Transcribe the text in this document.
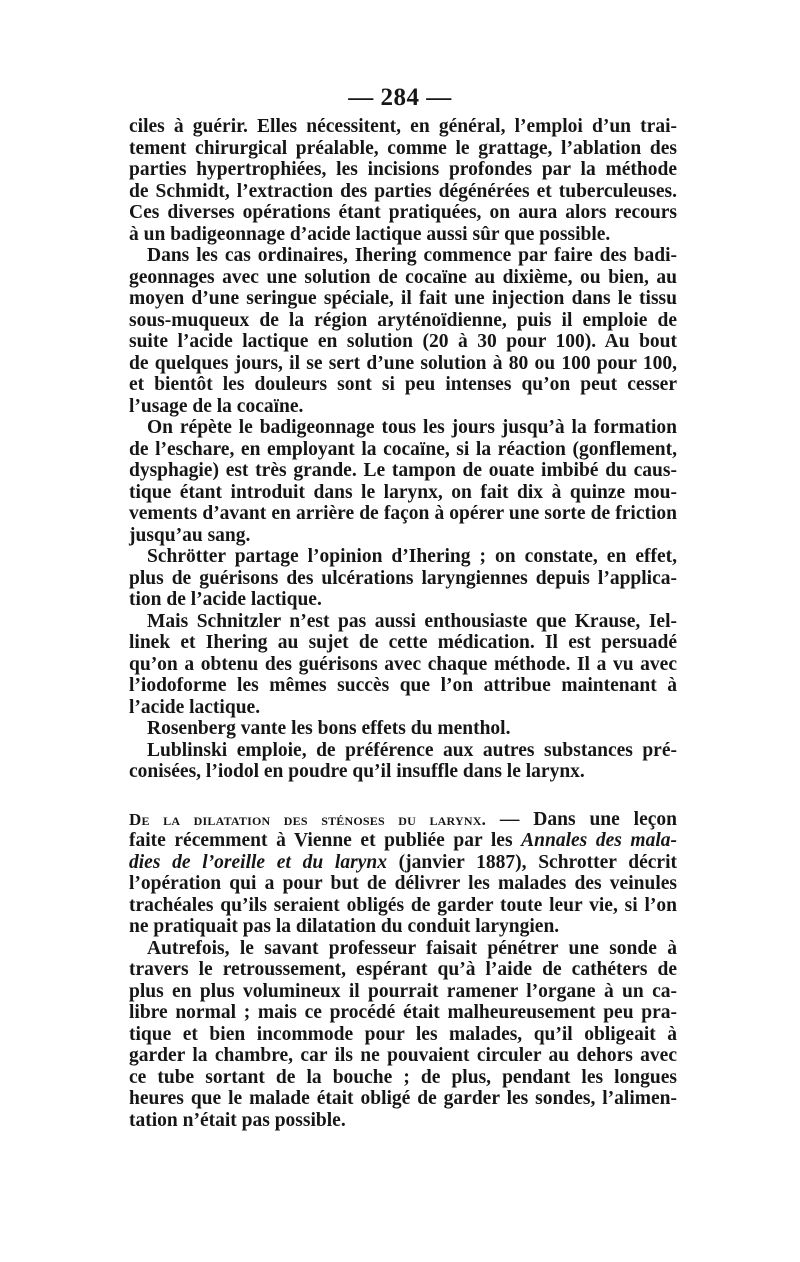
— 284 —
ciles à guérir. Elles nécessitent, en général, l’emploi d’un trai-
tement chirurgical préalable, comme le grattage, l’ablation des
parties hypertrophiées, les incisions profondes par la méthode
de Schmidt, l’extraction des parties dégénérées et tuberculeuses.
Ces diverses opérations étant pratiquées, on aura alors recours
à un badigeonnage d’acide lactique aussi sûr que possible.
Dans les cas ordinaires, Ihering commence par faire des badi-
geonnages avec une solution de cocaïne au dixième, ou bien, au
moyen d’une seringue spéciale, il fait une injection dans le tissu
sous-muqueux de la région aryténoïdienne, puis il emploie de
suite l’acide lactique en solution (20 à 30 pour 100). Au bout
de quelques jours, il se sert d’une solution à 80 ou 100 pour 100,
et bientôt les douleurs sont si peu intenses qu’on peut cesser
l’usage de la cocaïne.
On répète le badigeonnage tous les jours jusqu’à la formation
de l’eschare, en employant la cocaïne, si la réaction (gonflement,
dysphagie) est très grande. Le tampon de ouate imbibé du caus-
tique étant introduit dans le larynx, on fait dix à quinze mou-
vements d’avant en arrière de façon à opérer une sorte de friction
jusqu’au sang.
Schrötter partage l’opinion d’Ihering ; on constate, en effet,
plus de guérisons des ulcérations laryngiennes depuis l’applica-
tion de l’acide lactique.
Mais Schnitzler n’est pas aussi enthousiaste que Krause, Iel-
linek et Ihering au sujet de cette médication. Il est persuadé
qu’on a obtenu des guérisons avec chaque méthode. Il a vu avec
l’iodoforme les mêmes succès que l’on attribue maintenant à
l’acide lactique.
Rosenberg vante les bons effets du menthol.
Lublinski emploie, de préférence aux autres substances pré-
conisées, l’iodol en poudre qu’il insuffle dans le larynx.
De la dilatation des sténoses du larynx. — Dans une leçon
faite récemment à Vienne et publiée par les Annales des mala-
dies de l’oreille et du larynx (janvier 1887), Schrotter décrit
l’opération qui a pour but de délivrer les malades des veinules
trachéales qu’ils seraient obligés de garder toute leur vie, si l’on
ne pratiquait pas la dilatation du conduit laryngien.
Autrefois, le savant professeur faisait pénétrer une sonde à
travers le retroussement, espérant qu’à l’aide de cathéters de
plus en plus volumineux il pourrait ramener l’organe à un ca-
libre normal ; mais ce procédé était malheureusement peu pra-
tique et bien incommode pour les malades, qu’il obligeait à
garder la chambre, car ils ne pouvaient circuler au dehors avec
ce tube sortant de la bouche ; de plus, pendant les longues
heures que le malade était obligé de garder les sondes, l’alimen-
tation n’était pas possible.
